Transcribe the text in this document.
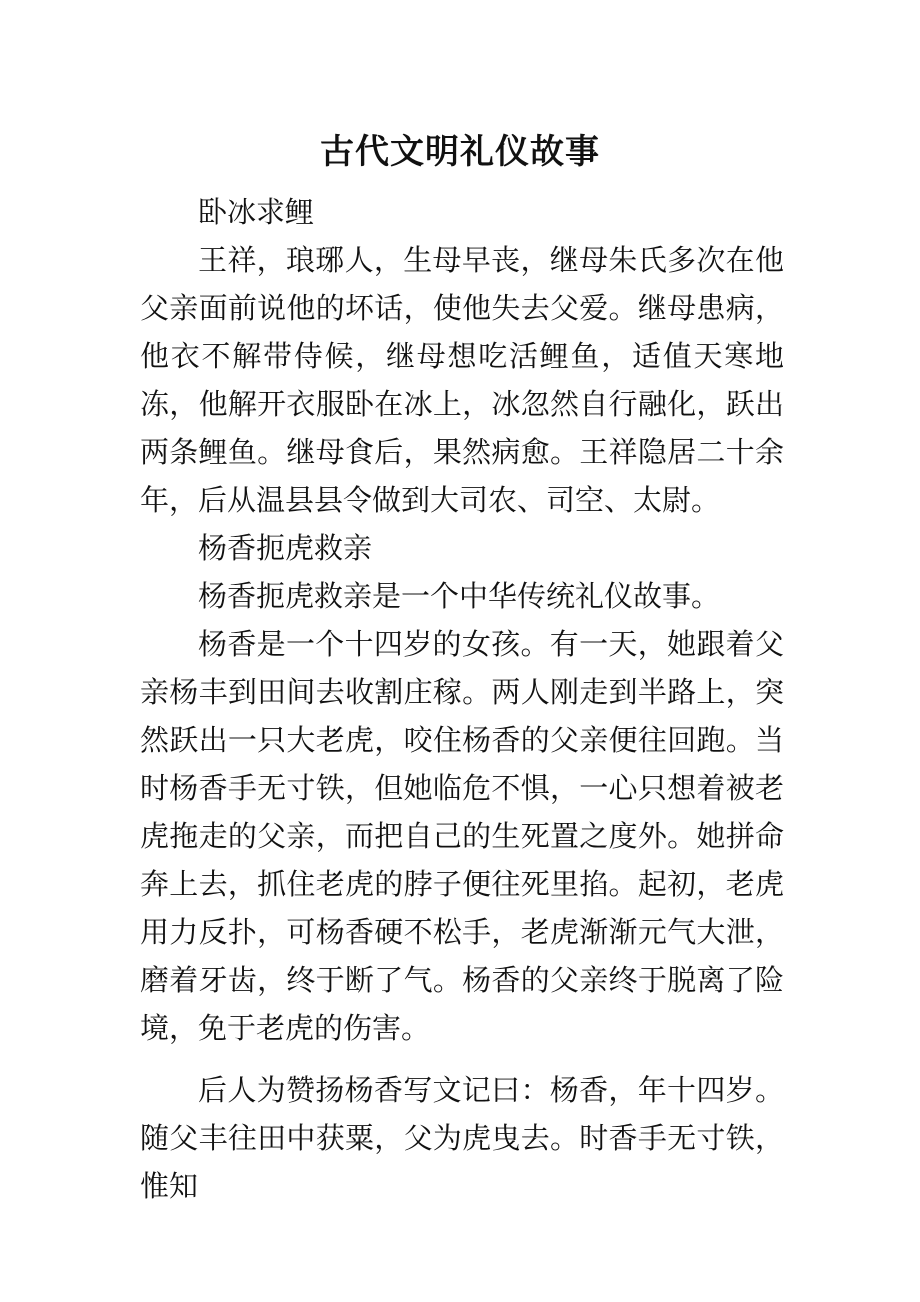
古代文明礼仪故事

卧冰求鲤

王祥，琅琊人，生母早丧，继母朱氏多次在他父亲面前说他的坏话，使他失去父爱。继母患病，他衣不解带侍候，继母想吃活鲤鱼，适值天寒地冻，他解开衣服卧在冰上，冰忽然自行融化，跃出两条鲤鱼。继母食后，果然病愈。王祥隐居二十余年，后从温县县令做到大司农、司空、太尉。

杨香扼虎救亲

杨香扼虎救亲是一个中华传统礼仪故事。

杨香是一个十四岁的女孩。有一天，她跟着父亲杨丰到田间去收割庄稼。两人刚走到半路上，突然跃出一只大老虎，咬住杨香的父亲便往回跑。当时杨香手无寸铁，但她临危不惧，一心只想着被老虎拖走的父亲，而把自己的生死置之度外。她拼命奔上去，抓住老虎的脖子便往死里掐。起初，老虎用力反扑，可杨香硬不松手，老虎渐渐元气大泄，磨着牙齿，终于断了气。杨香的父亲终于脱离了险境，免于老虎的伤害。

后人为赞扬杨香写文记曰：杨香，年十四岁。随父丰往田中获粟，父为虎曳去。时香手无寸铁，惟知
